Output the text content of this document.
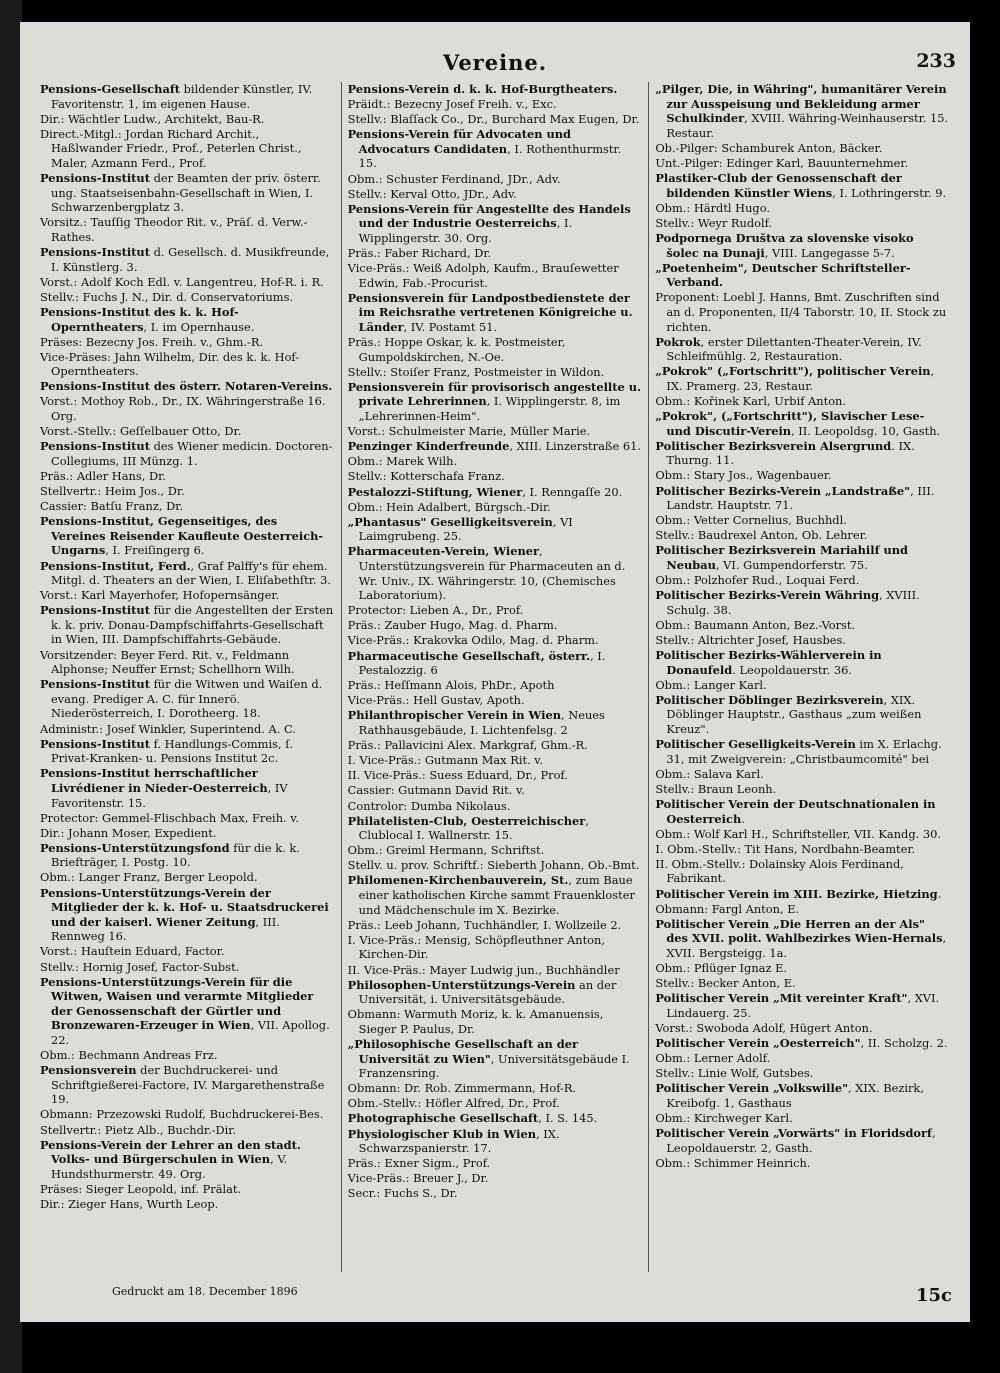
Vereine.	233
Pensions-Gesellschaft bildender Künstler, IV. Favoritenstr. 1, im eigenen Hause.
Dir.: Wächtler Ludw., Architekt, Bau-R.
Direct.-Mitgl.: Jordan Richard Archit., Haßlwander Friedr., Prof., Peterlen Christ., Maler, Azmann Ferd., Prof.
Pensions-Institut der Beamten der priv. österr. ung. Staatseisenbahn-Gesellschaft in Wien, I. Schwarzenbergplatz 3.
Vorsitz.: Tauſſig Theodor Rit. v., Präſ. d. Verw.-Rathes.
Pensions-Institut d. Gesellsch. d. Musikfreunde, I. Künstlerg. 3.
Vorst.: Adolf Koch Edl. v. Langentreu, Hof-R. i. R.
Stellv.: Fuchs J. N., Dir. d. Conservatoriums.
Pensions-Institut des k. k. Hof-Operntheaters, I. im Opernhause.
Präses: Bezecny Jos. Freih. v., Ghm.-R.
Vice-Präses: Jahn Wilhelm, Dir. des k. k. Hof-Operntheaters.
Pensions-Institut des österr. Notaren-Vereins.
Vorst.: Mothoy Rob., Dr., IX. Währingerstraße 16. Org.
Vorst.-Stellv.: Geſſelbauer Otto, Dr.
Pensions-Institut des Wiener medicin. Doctoren-Collegiums, III Münzg. 1.
Präs.: Adler Hans, Dr.
Stellvertr.: Heim Jos., Dr.
Cassier: Batſu Franz, Dr.
Pensions-Institut, Gegenseitiges, des Vereines Reisender Kaufleute Oesterreich-Ungarns, I. Freiſingerg 6.
Pensions-Institut, Ferd., Graf Palffy's für ehem. Mitgl. d. Theaters an der Wien, I. Eliſabethſtr. 3.
Vorst.: Karl Mayerhofer, Hofopernsänger.
Pensions-Institut für die Angestellten der Ersten k. k. priv. Donau-Dampfschiffahrts-Gesellschaft in Wien, III. Dampfschiffahrts-Gebäude.
Vorsitzender: Beyer Ferd. Rit. v., Feldmann Alphonse; Neuffer Ernst; Schellhorn Wilh.
Pensions-Institut für die Witwen und Waiſen d. evang. Prediger A. C. für Innerö. Niederösterreich, I. Dorotheerg. 18.
Administr.: Josef Winkler, Superintend. A. C.
Pensions-Institut f. Handlungs-Commis, ſ. Privat-Kranken- u. Pensions Institut 2c.
Pensions-Institut herrschaftlicher Livrédiener in Nieder-Oesterreich, IV Favoritenstr. 15.
Protector: Gemmel-Flischbach Max, Freih. v.
Dir.: Johann Moser, Expedient.
Pensions-Unterstützungsfond für die k. k. Briefträger, I. Postg. 10.
Obm.: Langer Franz, Berger Leopold.
Pensions-Unterstützungs-Verein der Mitglieder der k. k. Hof- u. Staatsdruckerei und der kaiserl. Wiener Zeitung, III. Rennweg 16.
Vorst.: Hauſtein Eduard, Factor.
Stellv.: Hornig Josef, Factor-Subst.
Pensions-Unterstützungs-Verein für die Witwen, Waisen und verarmte Mitglieder der Genossenschaft der Gürtler und Bronzewaren-Erzeuger in Wien, VII. Apollog. 22.
Obm.: Bechmann Andreas Frz.
Pensionsverein der Buchdruckerei- und Schriftgießerei-Factore, IV. Margarethenstraße 19.
Obmann: Przezowski Rudolf, Buchdruckerei-Bes.
Stellvertr.: Pietz Alb., Buchdr.-Dir.
Pensions-Verein der Lehrer an den stadt. Volks- und Bürgerschulen in Wien, V. Hundsthurmerstr. 49. Org.
Präses: Sieger Leopold, inf. Prälat.
Dir.: Zieger Hans, Wurth Leop.
Pensions-Verein d. k. k. Hof-Burgtheaters.
Präidt.: Bezecny Josef Freih. v., Exc.
Stellv.: Blaſſack Co., Dr., Burchard Max Eugen, Dr.
Pensions-Verein für Advocaten und Advocaturs Candidaten, I. Rothenthurmstr. 15.
Obm.: Schuster Ferdinand, JDr., Adv.
Stellv.: Kerval Otto, JDr., Adv.
Pensions-Verein für Angestellte des Handels und der Industrie Oesterreichs, I. Wipplingerstr. 30. Org.
Präs.: Faber Richard, Dr.
Vice-Präs.: Weiß Adolph, Kaufm., Brauſewetter Edwin, Fab.-Procurist.
Pensionsverein für Landpostbedienstete der im Reichsrathe vertretenen Königreiche u. Länder, IV. Postamt 51.
Präs.: Hoppe Oskar, k. k. Postmeister, Gumpoldskirchen, N.-Oe.
Stellv.: Stoiſer Franz, Postmeister in Wildon.
Pensionsverein für provisorisch angestellte u. private Lehrerinnen, I. Wipplingerstr. 8, im „Lehrerinnen-Heim".
Vorst.: Schulmeister Marie, Müller Marie.
Penzinger Kinderfreunde, XIII. Linzerstraße 61.
Obm.: Marek Wilh.
Stellv.: Kotterschafa Franz.
Pestalozzi-Stiftung, Wiener, I. Renngaſſe 20.
Obm.: Hein Adalbert, Bürgsch.-Dir.
„Phantasus" Geselligkeitsverein, VI Laimgrubeng. 25.
Pharmaceuten-Verein, Wiener, Unterstützungsverein für Pharmaceuten an d. Wr. Univ., IX. Währingerstr. 10, (Chemisches Laboratorium).
Protector: Lieben A., Dr., Prof.
Präs.: Zauber Hugo, Mag. d. Pharm.
Vice-Präs.: Krakovka Odilo, Mag. d. Pharm.
Pharmaceutische Gesellschaft, österr., I. Pestalozzig. 6
Präs.: Heſſmann Alois, PhDr., Apoth
Vice-Präs.: Hell Gustav, Apoth.
Philanthropischer Verein in Wien, Neues Rathhausgebäude, I. Lichtenfelsg. 2
Präs.: Pallavicini Alex. Markgraf, Ghm.-R.
I. Vice-Präs.: Gutmann Max Rit. v.
II. Vice-Präs.: Suess Eduard, Dr., Prof.
Cassier: Gutmann David Rit. v.
Controlor: Dumba Nikolaus.
Philatelisten-Club, Oesterreichischer, Clublocal I. Wallnerstr. 15.
Obm.: Greiml Hermann, Schriftst.
Stellv. u. prov. Schriftf.: Sieberth Johann, Ob.-Bmt.
Philomenen-Kirchenbauverein, St., zum Baue einer katholischen Kirche sammt Frauenkloster und Mädchenschule im X. Bezirke.
Präs.: Leeb Johann, Tuchhändler, I. Wollzeile 2.
I. Vice-Präs.: Mensig, Schöpfleuthner Anton, Kirchen-Dir.
II. Vice-Präs.: Mayer Ludwig jun., Buchhändler
Philosophen-Unterstützungs-Verein an der Universität, i. Universitätsgebäude.
Obmann: Warmuth Moriz, k. k. Amanuensis, Sieger P. Paulus, Dr.
„Philosophische Gesellschaft an der Universität zu Wien", Universitätsgebäude I. Franzensring.
Obmann: Dr. Rob. Zimmermann, Hof-R.
Obm.-Stellv.: Höfler Alfred, Dr., Prof.
Photographische Gesellschaft, I. S. 145.
Physiologischer Klub in Wien, IX. Schwarzspanierstr. 17.
Präs.: Exner Sigm., Prof.
Vice-Präs.: Breuer J., Dr.
Secr.: Fuchs S., Dr.
„Pilger, Die, in Währing", humanitärer Verein zur Ausspeisung und Bekleidung armer Schulkinder, XVIII. Währing-Weinhauserstr. 15. Restaur.
Ob.-Pilger: Schamburek Anton, Bäcker.
Unt.-Pilger: Edinger Karl, Bauunternehmer.
Plastiker-Club der Genossenschaft der bildenden Künstler Wiens, I. Lothringerstr. 9.
Obm.: Härdtl Hugo.
Stellv.: Weyr Rudolf.
Podpornega Društva za slovenske visoko šolec na Dunaji, VIII. Langegasse 5-7.
„Poetenheim", Deutscher Schriftsteller-Verband.
Proponent: Loebl J. Hanns, Bmt. Zuschriften sind an d. Proponenten, II/4 Taborstr. 10, II. Stock zu richten.
Pokrok, erster Dilettanten-Theater-Verein, IV. Schleifmühlg. 2, Restauration.
„Pokrok" („Fortschritt"), politischer Verein, IX. Pramerg. 23, Restaur.
Obm.: Kořinek Karl, Urbif Anton.
„Pokrok", („Fortschritt"), Slavischer Lese- und Discutir-Verein, II. Leopoldsg. 10, Gasth.
Politischer Bezirksverein Alsergrund. IX. Thurng. 11.
Obm.: Stary Jos., Wagenbauer.
Politischer Bezirks-Verein „Landstraße", III. Landstr. Hauptstr. 71.
Obm.: Vetter Cornelius, Buchhdl.
Stellv.: Baudrexel Anton, Ob. Lehrer.
Politischer Bezirksverein Mariahilf und Neubau, VI. Gumpendorferstr. 75.
Obm.: Polzhofer Rud., Loquai Ferd.
Politischer Bezirks-Verein Währing, XVIII. Schulg. 38.
Obm.: Baumann Anton, Bez.-Vorst.
Stellv.: Altrichter Josef, Hausbes.
Politischer Bezirks-Wählerverein in Donaufeld. Leopoldauerstr. 36.
Obm.: Langer Karl.
Politischer Döblinger Bezirksverein, XIX. Döblinger Hauptstr., Gasthaus „zum weißen Kreuz".
Politischer Geselligkeits-Verein im X. Erlachg. 31, mit Zweigverein: „Christbaumcomité" bei
Obm.: Salava Karl.
Stellv.: Braun Leonh.
Politischer Verein der Deutschnationalen in Oesterreich.
Obm.: Wolf Karl H., Schriftsteller, VII. Kandg. 30.
I. Obm.-Stellv.: Tit Hans, Nordbahn-Beamter.
II. Obm.-Stellv.: Dolainsky Alois Ferdinand, Fabrikant.
Politischer Verein im XIII. Bezirke, Hietzing.
Obmann: Fargl Anton, E.
Politischer Verein „Die Herren an der Als" des XVII. polit. Wahlbezirkes Wien-Hernals, XVII. Bergsteigg. 1a.
Obm.: Pflüger Ignaz E.
Stellv.: Becker Anton, E.
Politischer Verein „Mit vereinter Kraft", XVI. Lindauerg. 25.
Vorst.: Swoboda Adolf, Hügert Anton.
Politischer Verein „Oesterreich", II. Scholzg. 2.
Obm.: Lerner Adolf.
Stellv.: Linie Wolf, Gutsbes.
Politischer Verein „Volkswille", XIX. Bezirk, Kreibofg. 1, Gasthaus
Obm.: Kirchweger Karl.
Politischer Verein „Vorwärts" in Floridsdorf, Leopoldauerstr. 2, Gasth.
Obm.: Schimmer Heinrich.
Gedruckt am 18. December 1896	15c
